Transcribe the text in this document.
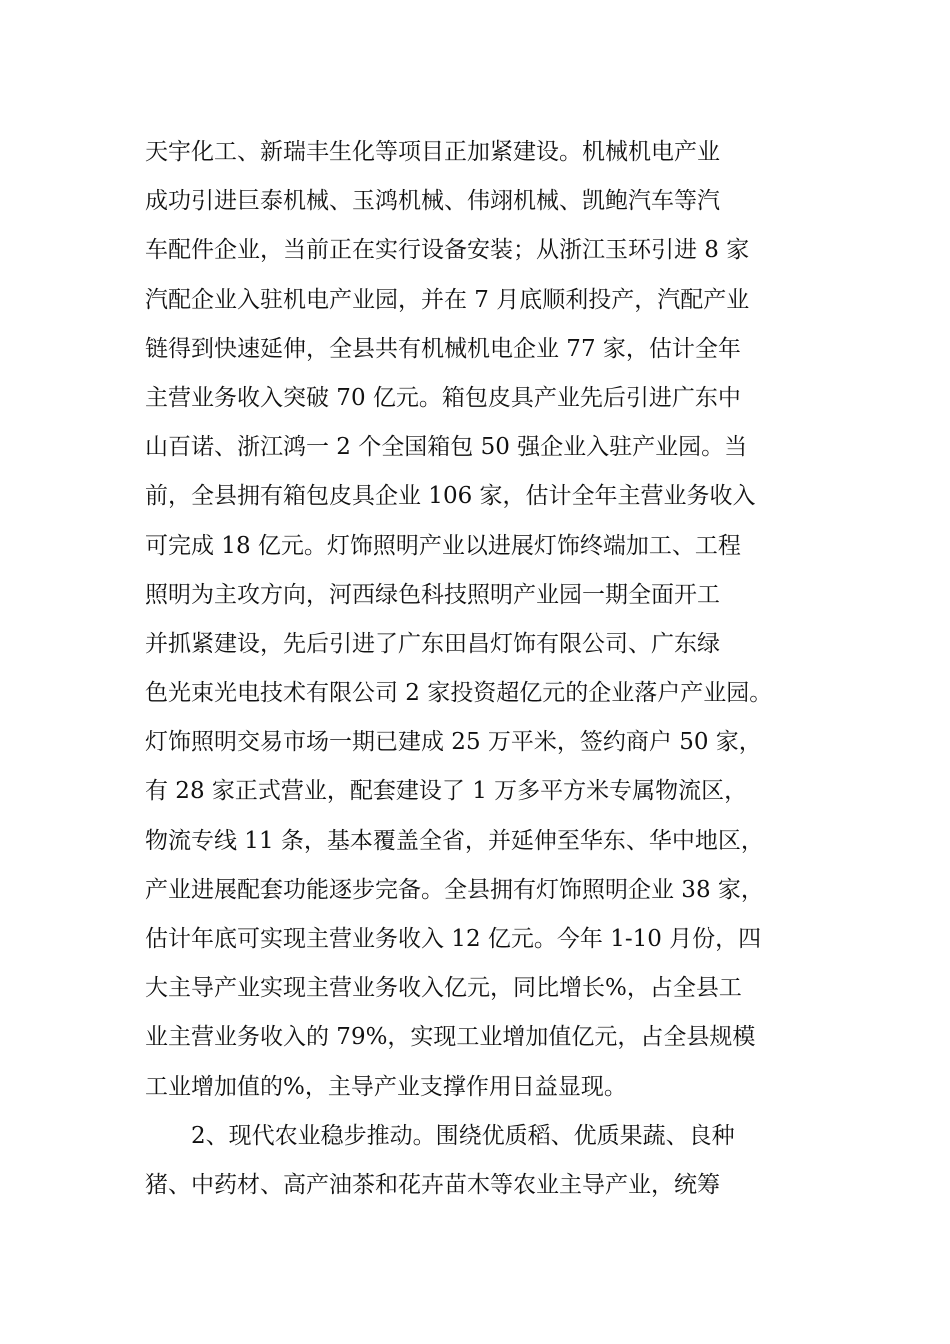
天宇化工、新瑞丰生化等项目正加紧建设。机械机电产业
成功引进巨泰机械、玉鸿机械、伟翊机械、凯鲍汽车等汽
车配件企业，当前正在实行设备安装；从浙江玉环引进 8 家
汽配企业入驻机电产业园，并在 7 月底顺利投产，汽配产业
链得到快速延伸，全县共有机械机电企业 77 家，估计全年
主营业务收入突破 70 亿元。箱包皮具产业先后引进广东中
山百诺、浙江鸿一 2 个全国箱包 50 强企业入驻产业园。当
前，全县拥有箱包皮具企业 106 家，估计全年主营业务收入
可完成 18 亿元。灯饰照明产业以进展灯饰终端加工、工程
照明为主攻方向，河西绿色科技照明产业园一期全面开工
并抓紧建设，先后引进了广东田昌灯饰有限公司、广东绿
色光束光电技术有限公司 2 家投资超亿元的企业落户产业园。
灯饰照明交易市场一期已建成 25 万平米，签约商户 50 家，
有 28 家正式营业，配套建设了 1 万多平方米专属物流区，
物流专线 11 条，基本覆盖全省，并延伸至华东、华中地区，
产业进展配套功能逐步完备。全县拥有灯饰照明企业 38 家，
估计年底可实现主营业务收入 12 亿元。今年 1-10 月份，四
大主导产业实现主营业务收入亿元，同比增长%，占全县工
业主营业务收入的 79%，实现工业增加值亿元，占全县规模
工业增加值的%，主导产业支撑作用日益显现。
2、现代农业稳步推动。围绕优质稻、优质果蔬、良种
猪、中药材、高产油茶和花卉苗木等农业主导产业，统筹
